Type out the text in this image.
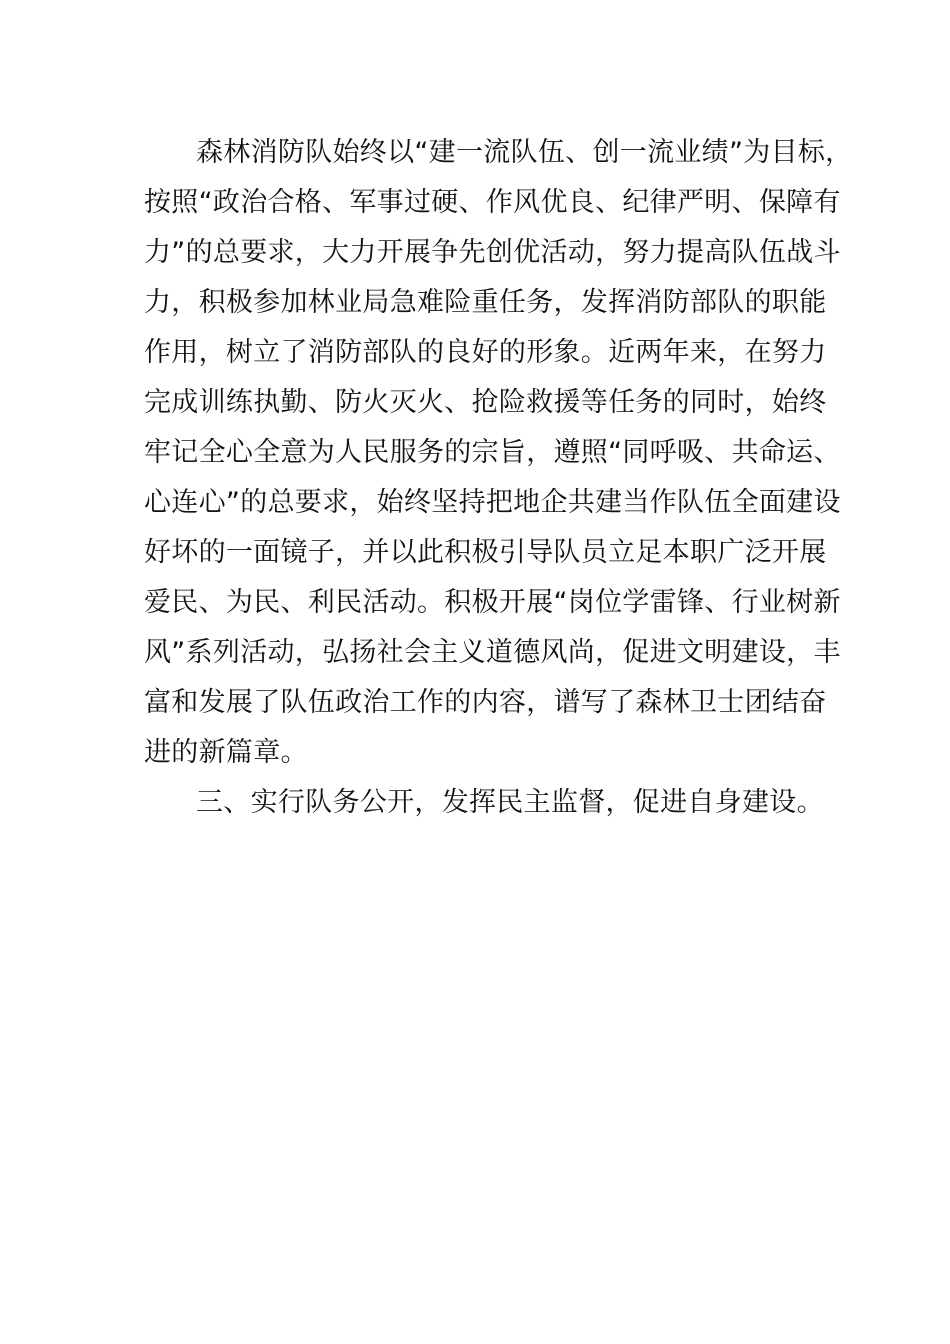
森林消防队始终以“建一流队伍、创一流业绩”为目标，
按照“政治合格、军事过硬、作风优良、纪律严明、保障有
力”的总要求，大力开展争先创优活动，努力提高队伍战斗
力，积极参加林业局急难险重任务，发挥消防部队的职能
作用，树立了消防部队的良好的形象。近两年来，在努力
完成训练执勤、防火灭火、抢险救援等任务的同时，始终
牢记全心全意为人民服务的宗旨，遵照“同呼吸、共命运、
心连心”的总要求，始终坚持把地企共建当作队伍全面建设
好坏的一面镜子，并以此积极引导队员立足本职广泛开展
爱民、为民、利民活动。积极开展“岗位学雷锋、行业树新
风”系列活动，弘扬社会主义道德风尚，促进文明建设，丰
富和发展了队伍政治工作的内容，谱写了森林卫士团结奋
进的新篇章。
三、实行队务公开，发挥民主监督，促进自身建设。
